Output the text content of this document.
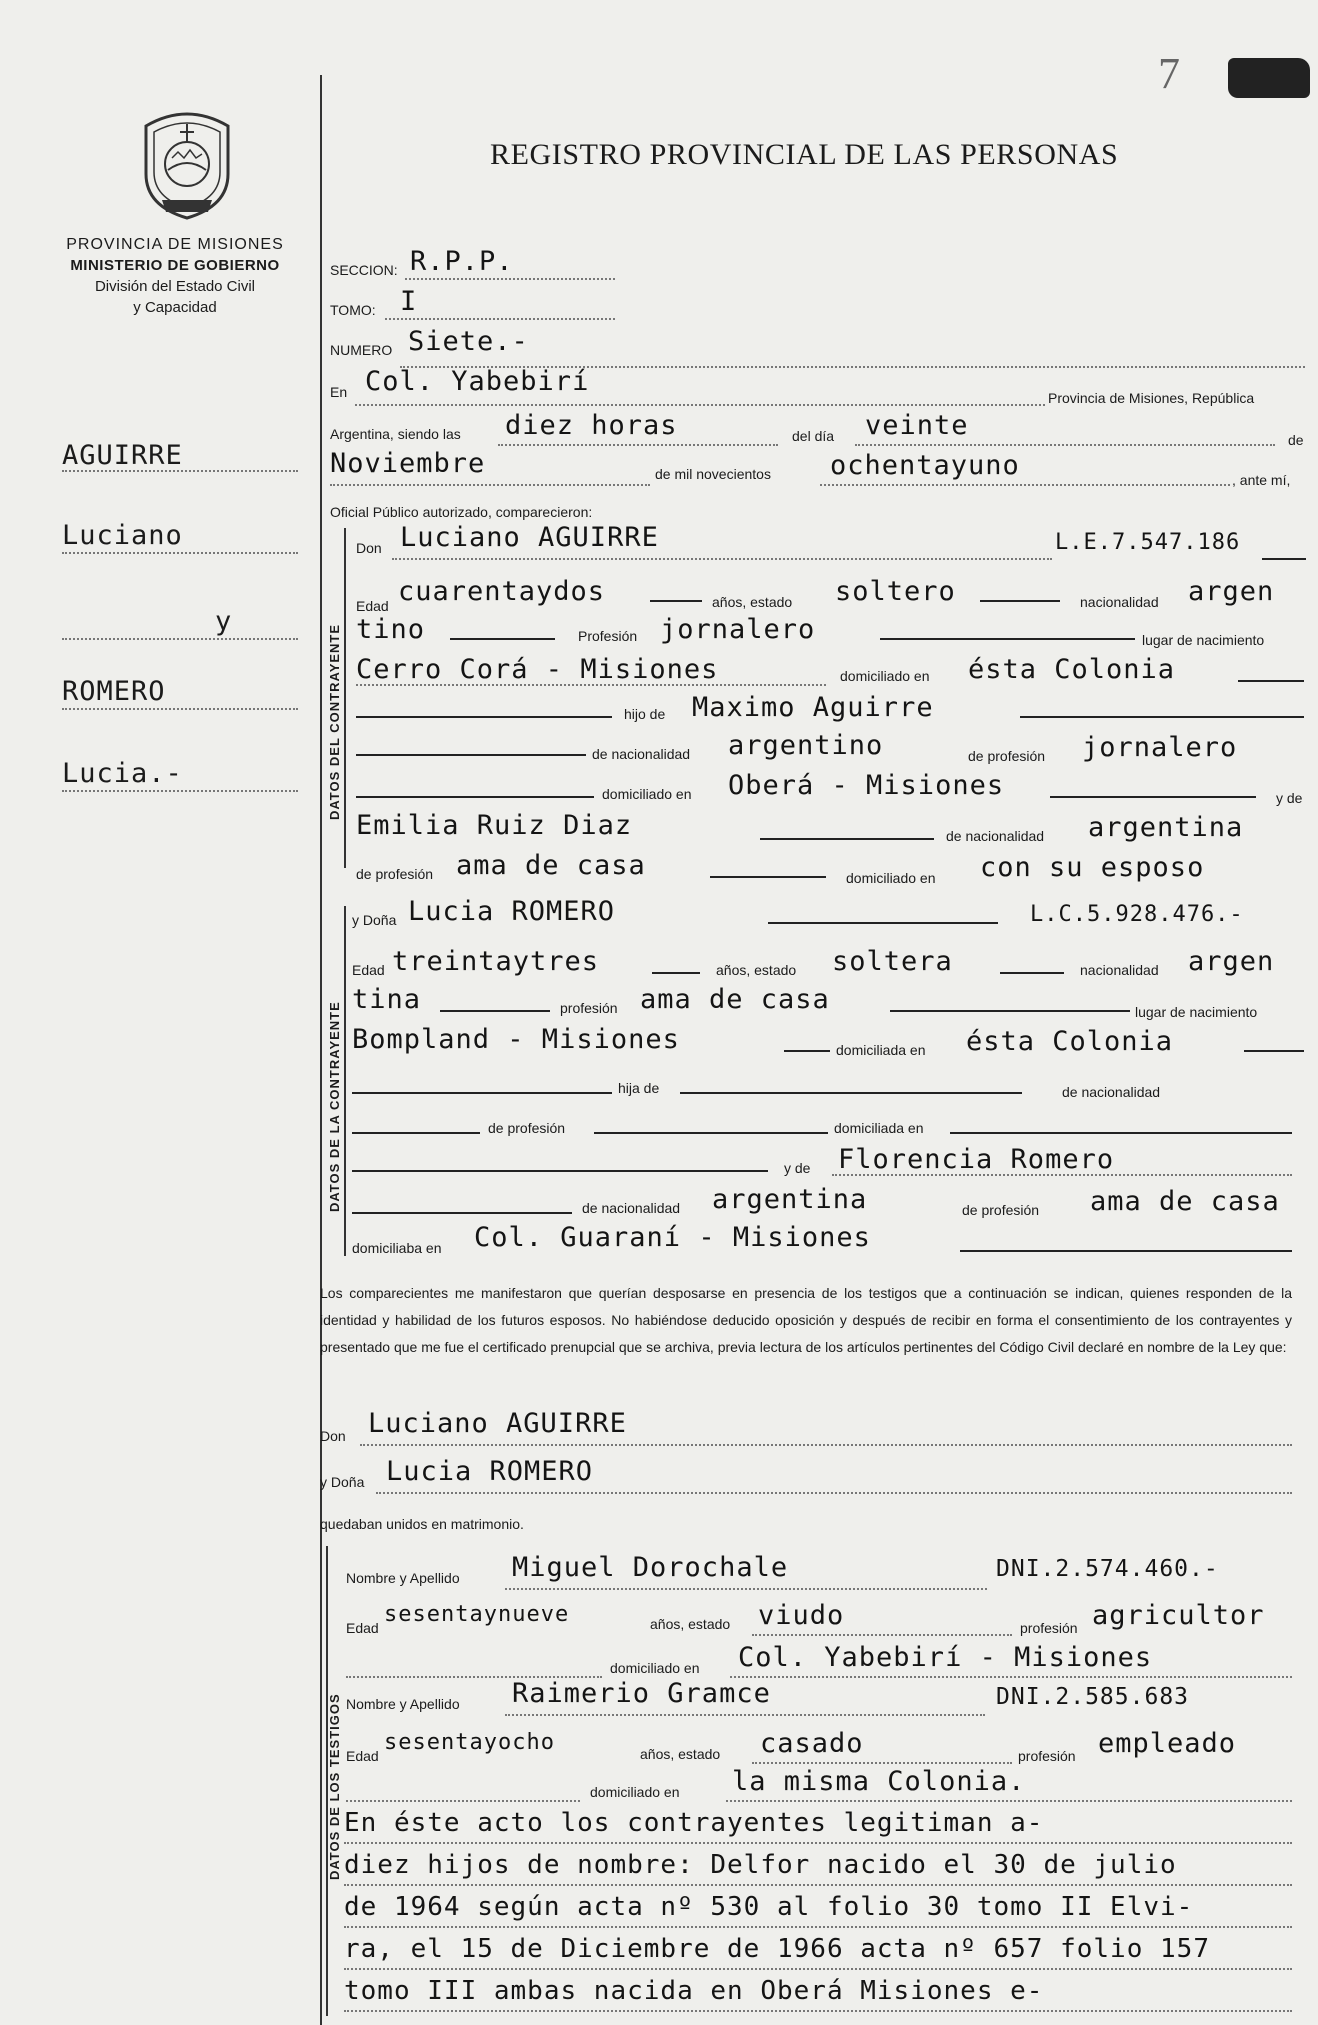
7
PROVINCIA DE MISIONES
MINISTERIO DE GOBIERNO
División del Estado Civil
y Capacidad
REGISTRO PROVINCIAL DE LAS PERSONAS
AGUIRRE
Luciano
y
ROMERO
Lucia.-
SECCION: R.P.P.
TOMO: I
NUMERO Siete.-
En Col. Yabebirí
Provincia de Misiones, República
Argentina, siendo las diez horas	del día veinte	de
Noviembre	de mil novecientos ochentayuno	, ante mí,
Oficial Público autorizado, comparecieron:
DATOS DEL CONTRAYENTE
Don Luciano AGUIRRE	L.E.7.547.186
Edad cuarentaydos	años, estado soltero	nacionalidad argen
tino	Profesión jornalero	lugar de nacimiento
Cerro Corá - Misiones	domiciliado en ésta Colonia
hijo de Maximo Aguirre
de nacionalidad argentino	de profesión jornalero
domiciliado en Oberá - Misiones	y de
Emilia Ruiz Diaz	de nacionalidad argentina
de profesión ama de casa	domiciliado en con su esposo
DATOS DE LA CONTRAYENTE
y Doña Lucia ROMERO	L.C.5.928.476.-
Edad treintaytres	años, estado soltera	nacionalidad argen
tina	profesión ama de casa	lugar de nacimiento
Bompland - Misiones	domiciliada en ésta Colonia
hija de	de nacionalidad
de profesión	domiciliada en
y de Florencia Romero
de nacionalidad argentina	de profesión ama de casa
domiciliaba en Col. Guaraní - Misiones
Los comparecientes me manifestaron que querían desposarse en presencia de los testigos que a continuación se indican, quienes responden de la identidad y habilidad de los futuros esposos. No habiéndose deducido oposición y después de recibir en forma el consentimiento de los contrayentes y presentado que me fue el certificado prenupcial que se archiva, previa lectura de los artículos pertinentes del Código Civil declaré en nombre de la Ley que:
Don Luciano AGUIRRE
y Doña Lucia ROMERO
quedaban unidos en matrimonio.
DATOS DE LOS TESTIGOS
Nombre y Apellido Miguel Dorochale	DNI.2.574.460.-
Edad
sesentaynueve	años, estado viudo	profesión agricultor
domiciliado en Col. Yabebirí - Misiones
Nombre y Apellido Raimerio Gramce	DNI.2.585.683
Edad
sesentayocho	años, estado casado	profesión empleado
domiciliado en la misma Colonia.
En éste acto los contrayentes legitiman a-
diez hijos de nombre: Delfor nacido el 30 de julio
de 1964 según acta nº 530 al folio 30 tomo II Elvi-
ra, el 15 de Diciembre de 1966 acta nº 657 folio 157
tomo III ambas nacida en Oberá Misiones e-
